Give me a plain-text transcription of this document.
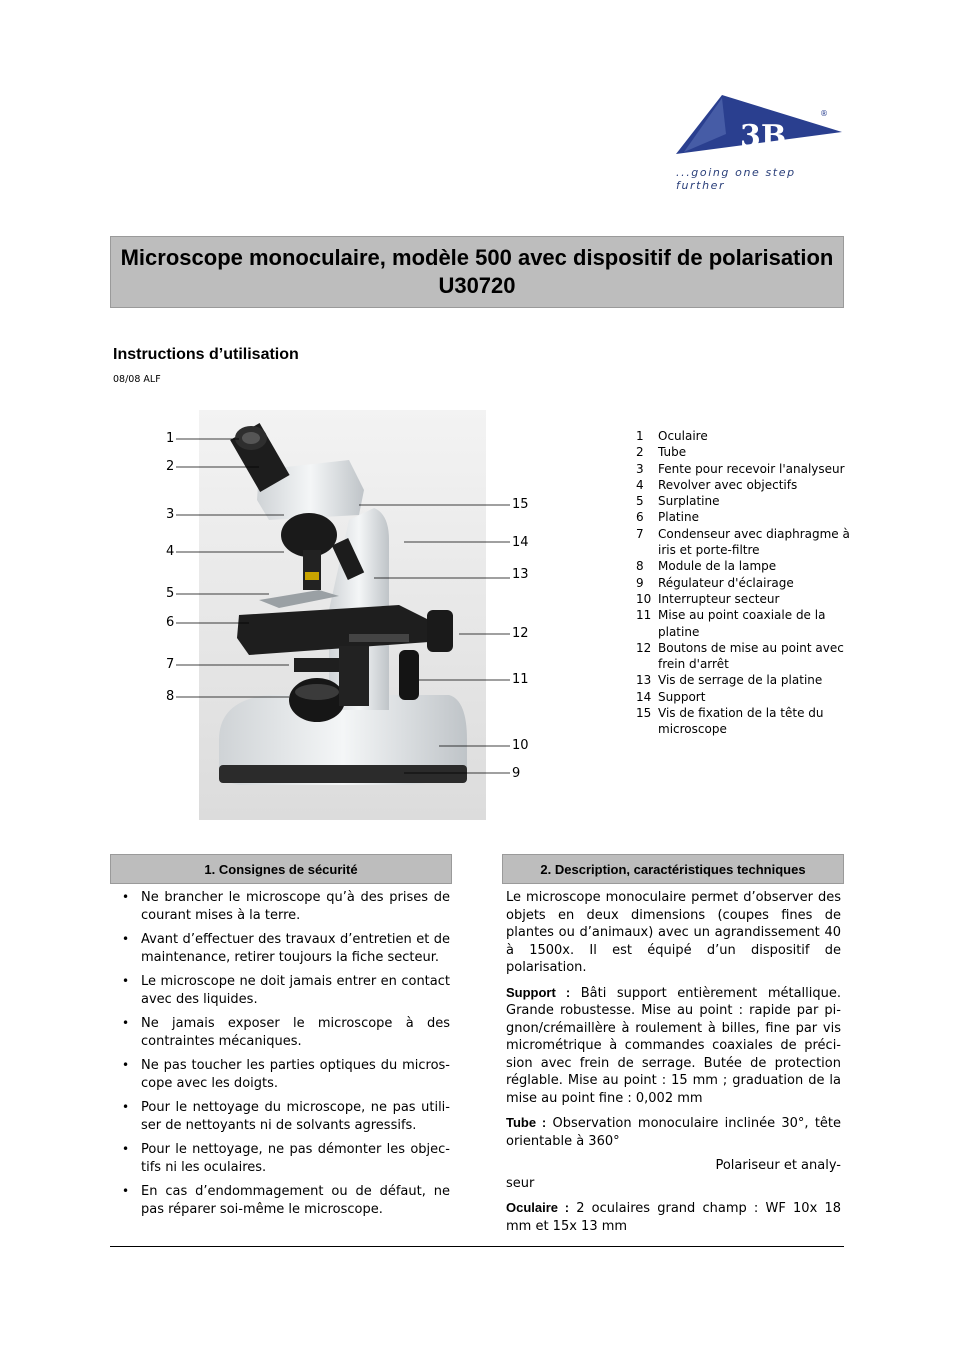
3B
®
...going one step further
Microscope monoculaire, modèle 500 avec dispositif de polarisation
U30720
Instructions d’utilisation
08/08 ALF
1
2
3
4
5
6
7
8
15
14
13
12
11
10
9
1	Oculaire
2	Tube
3	Fente pour recevoir l'analyseur
4	Revolver avec objectifs
5	Surplatine
6	Platine
7	Condenseur avec diaphragme à iris et porte-filtre
8	Module de la lampe
9	Régulateur d'éclairage
10 Interrupteur secteur
11 Mise au point coaxiale de la platine
12 Boutons de mise au point avec frein d'arrêt
13 Vis de serrage de la platine
14 Support
15 Vis de fixation de la tête du microscope
1. Consignes de sécurité
• Ne brancher le microscope qu’à des prises de courant mises à la terre.
• Avant d’effectuer des travaux d’entretien et de maintenance, retirer toujours la fiche secteur.
• Le microscope ne doit jamais entrer en contact avec des liquides.
• Ne jamais exposer le microscope à des contraintes mécaniques.
• Ne pas toucher les parties optiques du micros-cope avec les doigts.
• Pour le nettoyage du microscope, ne pas utili-ser de nettoyants ni de solvants agressifs.
• Pour le nettoyage, ne pas démonter les objec-tifs ni les oculaires.
• En cas d’endommagement ou de défaut, ne pas réparer soi-même le microscope.
2. Description, caractéristiques techniques

Le microscope monoculaire permet d’observer des objets en deux dimensions (coupes fines de plantes ou d’animaux) avec un agrandissement 40 à 1500x. Il est équipé d’un dispositif de polarisation.

Support : Bâti support entièrement métallique. Grande robustesse. Mise au point : rapide par pi-gnon/crémaillère à roulement à billes, fine par vis micrométrique à commandes coaxiales de préci-sion avec frein de serrage. Butée de protection réglable. Mise au point : 15 mm ; graduation de la mise au point fine : 0,002 mm

Tube : Observation monoculaire inclinée 30°, tête orientable à 360°

Polariseur et analy-
seur

Oculaire : 2 oculaires grand champ : WF 10x 18 mm et 15x 13 mm
